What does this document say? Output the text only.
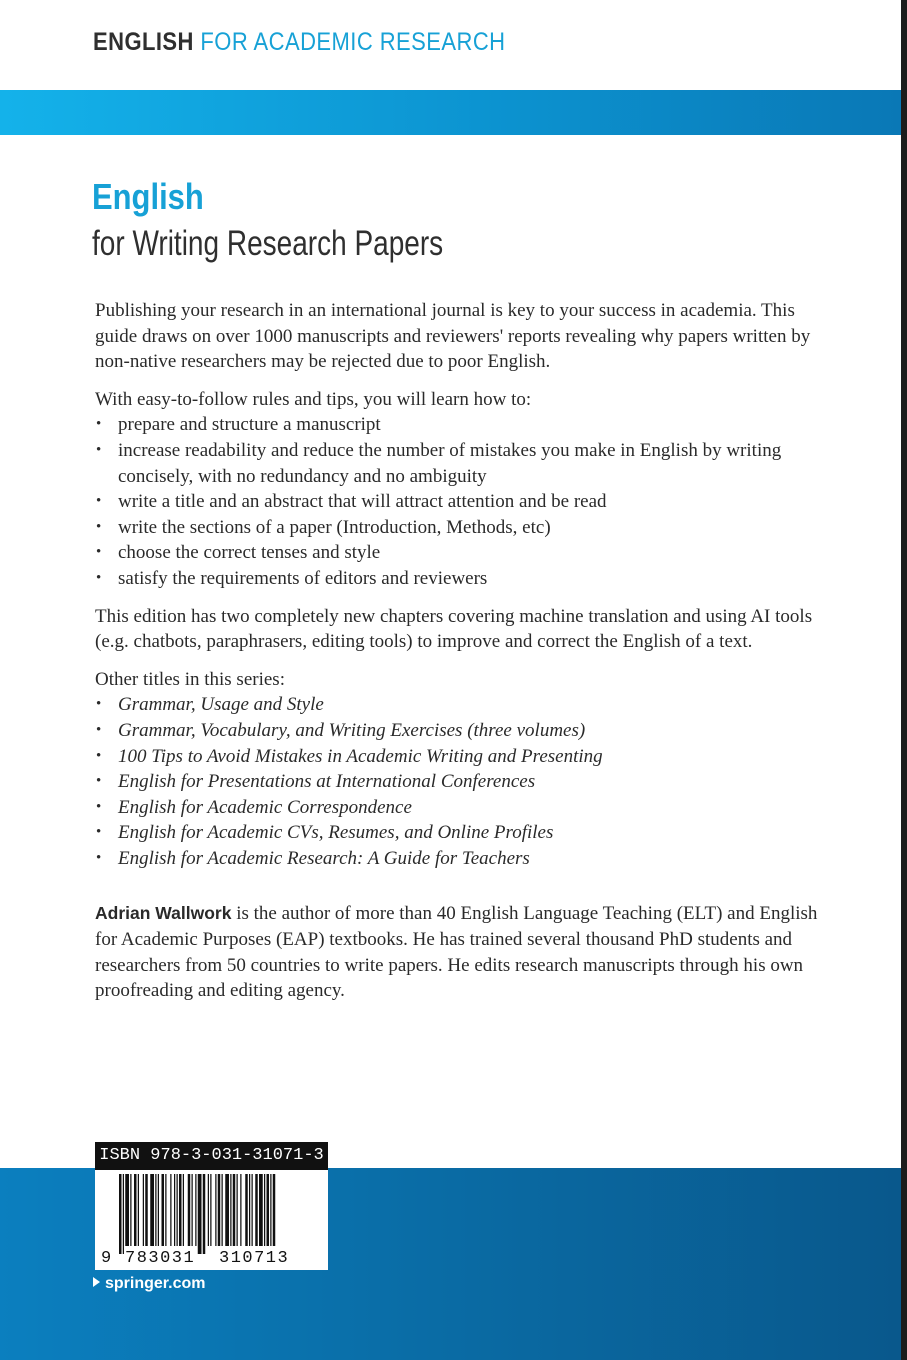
ENGLISH FOR ACADEMIC RESEARCH
English
for Writing Research Papers

Publishing your research in an international journal is key to your success in academia. This guide draws on over 1000 manuscripts and reviewers' reports revealing why papers written by non-native researchers may be rejected due to poor English.

With easy-to-follow rules and tips, you will learn how to:

• prepare and structure a manuscript
• increase readability and reduce the number of mistakes you make in English by writing concisely, with no redundancy and no ambiguity
• write a title and an abstract that will attract attention and be read
• write the sections of a paper (Introduction, Methods, etc)
• choose the correct tenses and style
• satisfy the requirements of editors and reviewers

This edition has two completely new chapters covering machine translation and using AI tools (e.g. chatbots, paraphrasers, editing tools) to improve and correct the English of a text.

Other titles in this series:

• Grammar, Usage and Style
• Grammar, Vocabulary, and Writing Exercises (three volumes)
• 100 Tips to Avoid Mistakes in Academic Writing and Presenting
• English for Presentations at International Conferences
• English for Academic Correspondence
• English for Academic CVs, Resumes, and Online Profiles
• English for Academic Research: A Guide for Teachers

Adrian Wallwork is the author of more than 40 English Language Teaching (ELT) and English for Academic Purposes (EAP) textbooks. He has trained several thousand PhD students and researchers from 50 countries to write papers. He edits research manuscripts through his own proofreading and editing agency.

ISBN 978-3-031-31071-3
9 783031 310713
springer.com
